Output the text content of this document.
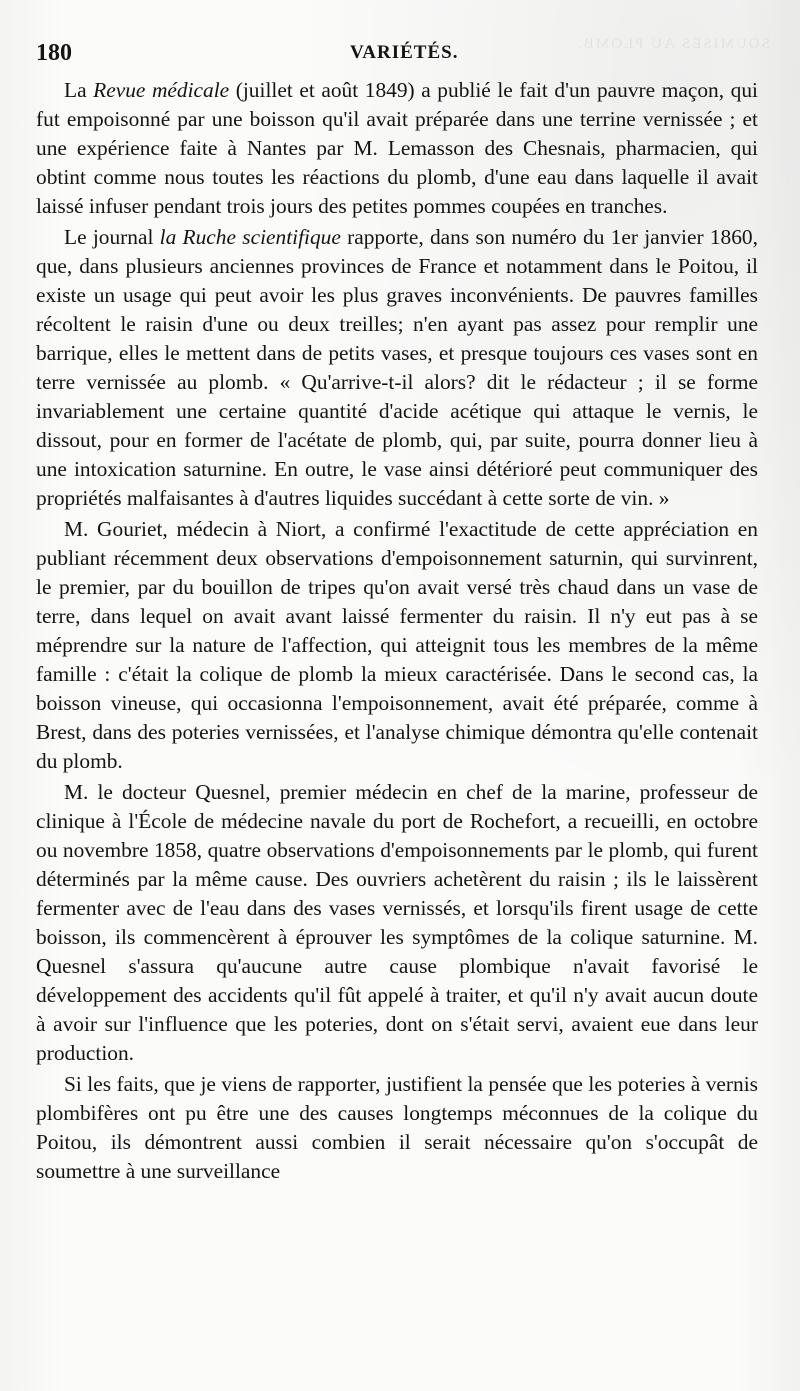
SOUMISES AU PLOMB.
180	VARIÉTÉS.

La Revue médicale (juillet et août 1849) a publié le fait d'un pauvre maçon, qui fut empoisonné par une boisson qu'il avait préparée dans une terrine vernissée ; et une expérience faite à Nantes par M. Lemasson des Chesnais, pharmacien, qui obtint comme nous toutes les réactions du plomb, d'une eau dans laquelle il avait laissé infuser pendant trois jours des petites pommes coupées en tranches.

Le journal la Ruche scientifique rapporte, dans son numéro du 1er janvier 1860, que, dans plusieurs anciennes provinces de France et notamment dans le Poitou, il existe un usage qui peut avoir les plus graves inconvénients. De pauvres familles récoltent le raisin d'une ou deux treilles; n'en ayant pas assez pour remplir une barrique, elles le mettent dans de petits vases, et presque toujours ces vases sont en terre vernissée au plomb. « Qu'arrive-t-il alors? dit le rédacteur ; il se forme invariablement une certaine quantité d'acide acétique qui attaque le vernis, le dissout, pour en former de l'acétate de plomb, qui, par suite, pourra donner lieu à une intoxication saturnine. En outre, le vase ainsi détérioré peut communiquer des propriétés malfaisantes à d'autres liquides succédant à cette sorte de vin. »

M. Gouriet, médecin à Niort, a confirmé l'exactitude de cette appréciation en publiant récemment deux observations d'empoisonnement saturnin, qui survinrent, le premier, par du bouillon de tripes qu'on avait versé très chaud dans un vase de terre, dans lequel on avait avant laissé fermenter du raisin. Il n'y eut pas à se méprendre sur la nature de l'affection, qui atteignit tous les membres de la même famille : c'était la colique de plomb la mieux caractérisée. Dans le second cas, la boisson vineuse, qui occasionna l'empoisonnement, avait été préparée, comme à Brest, dans des poteries vernissées, et l'analyse chimique démontra qu'elle contenait du plomb.

M. le docteur Quesnel, premier médecin en chef de la marine, professeur de clinique à l'École de médecine navale du port de Rochefort, a recueilli, en octobre ou novembre 1858, quatre observations d'empoisonnements par le plomb, qui furent déterminés par la même cause. Des ouvriers achetèrent du raisin ; ils le laissèrent fermenter avec de l'eau dans des vases vernissés, et lorsqu'ils firent usage de cette boisson, ils commencèrent à éprouver les symptômes de la colique saturnine. M. Quesnel s'assura qu'aucune autre cause plombique n'avait favorisé le développement des accidents qu'il fût appelé à traiter, et qu'il n'y avait aucun doute à avoir sur l'influence que les poteries, dont on s'était servi, avaient eue dans leur production.

Si les faits, que je viens de rapporter, justifient la pensée que les poteries à vernis plombifères ont pu être une des causes longtemps méconnues de la colique du Poitou, ils démontrent aussi combien il serait nécessaire qu'on s'occupât de soumettre à une surveillance
